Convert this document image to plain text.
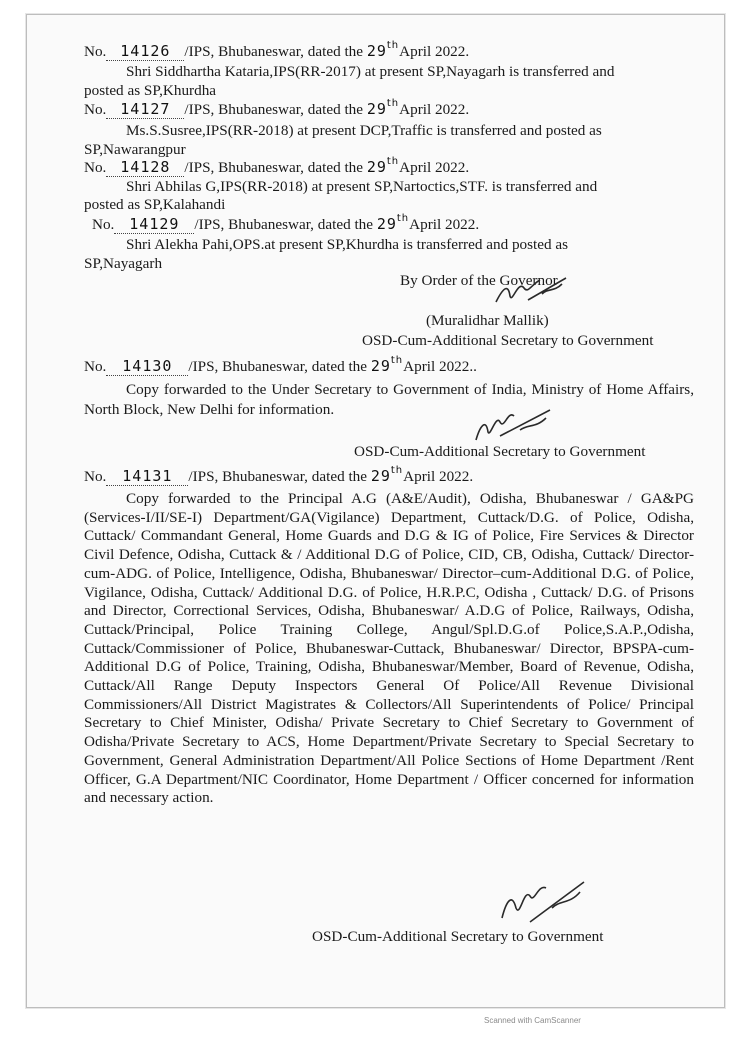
No. 14126 /IPS, Bhubaneswar, dated the 29thApril 2022.
Shri Siddhartha Kataria,IPS(RR-2017) at present SP,Nayagarh is transferred and
posted as SP,Khurdha
No. 14127 /IPS, Bhubaneswar, dated the 29thApril 2022.
Ms.S.Susree,IPS(RR-2018) at present DCP,Traffic is transferred and posted as
SP,Nawarangpur
No. 14128 /IPS, Bhubaneswar, dated the 29thApril 2022.
Shri Abhilas G,IPS(RR-2018) at present SP,Nartoctics,STF. is transferred and
posted as SP,Kalahandi
No. 14129 /IPS, Bhubaneswar, dated the 29thApril 2022.
Shri Alekha Pahi,OPS.at present SP,Khurdha is transferred and posted as
SP,Nayagarh
By Order of the Governor
(Muralidhar Mallik)
OSD-Cum-Additional Secretary to Government
No. 14130 /IPS, Bhubaneswar, dated the 29thApril 2022..
Copy forwarded to the Under Secretary to Government of India, Ministry of Home Affairs, North Block, New Delhi for information.
OSD-Cum-Additional Secretary to Government
No. 14131 /IPS, Bhubaneswar, dated the 29thApril 2022.
Copy forwarded to the Principal A.G (A&E/Audit), Odisha, Bhubaneswar / GA&PG (Services-I/II/SE-I) Department/GA(Vigilance) Department, Cuttack/D.G. of Police, Odisha, Cuttack/ Commandant General, Home Guards and D.G & IG of Police, Fire Services & Director Civil Defence, Odisha, Cuttack & / Additional D.G of Police, CID, CB, Odisha, Cuttack/ Director-cum-ADG. of Police, Intelligence, Odisha, Bhubaneswar/ Director–cum-Additional D.G. of Police, Vigilance, Odisha, Cuttack/ Additional D.G. of Police, H.R.P.C, Odisha , Cuttack/ D.G. of Prisons and Director, Correctional Services, Odisha, Bhubaneswar/ A.D.G of Police, Railways, Odisha, Cuttack/Principal, Police Training College, Angul/Spl.D.G.of Police,S.A.P.,Odisha, Cuttack/Commissioner of Police, Bhubaneswar-Cuttack, Bhubaneswar/ Director, BPSPA-cum-Additional D.G of Police, Training, Odisha, Bhubaneswar/Member, Board of Revenue, Odisha, Cuttack/All Range Deputy Inspectors General Of Police/All Revenue Divisional Commissioners/All District Magistrates & Collectors/All Superintendents of Police/ Principal Secretary to Chief Minister, Odisha/ Private Secretary to Chief Secretary to Government of Odisha/Private Secretary to ACS, Home Department/Private Secretary to Special Secretary to Government, General Administration Department/All Police Sections of Home Department /Rent Officer, G.A Department/NIC Coordinator, Home Department / Officer concerned for information and necessary action.
OSD-Cum-Additional Secretary to Government
Scanned with CamScanner
